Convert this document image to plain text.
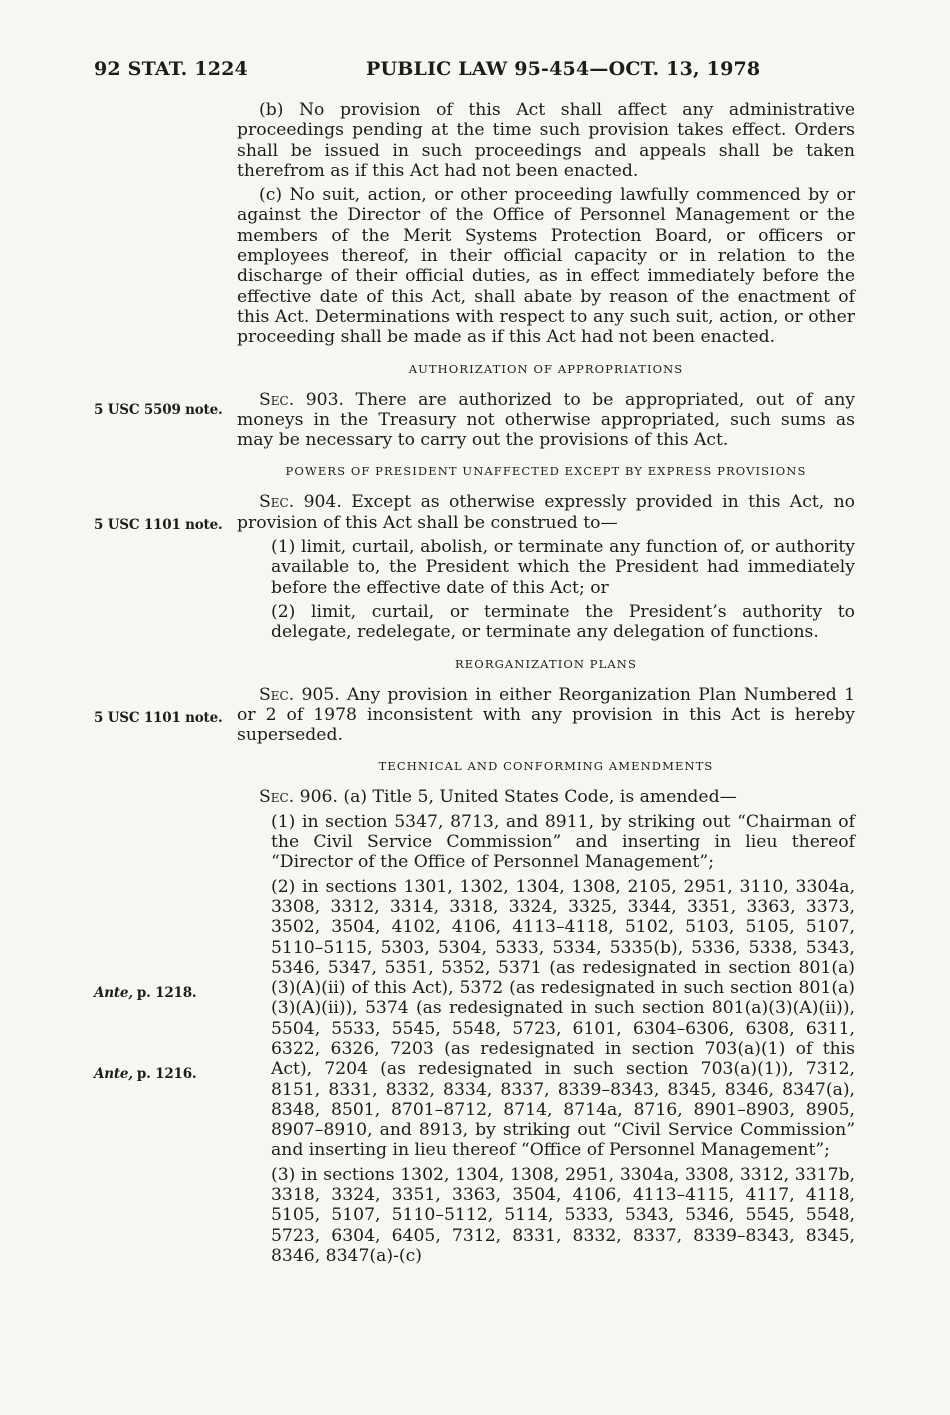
92 STAT. 1224	PUBLIC LAW 95-454—OCT. 13, 1978
5 USC 5509 note.
5 USC 1101 note.
5 USC 1101 note.
Ante, p. 1218.
Ante, p. 1216.

(b) No provision of this Act shall affect any administrative proceedings pending at the time such provision takes effect. Orders shall be issued in such proceedings and appeals shall be taken therefrom as if this Act had not been enacted.

(c) No suit, action, or other proceeding lawfully commenced by or against the Director of the Office of Personnel Management or the members of the Merit Systems Protection Board, or officers or employees thereof, in their official capacity or in relation to the discharge of their official duties, as in effect immediately before the effective date of this Act, shall abate by reason of the enactment of this Act. Determinations with respect to any such suit, action, or other proceeding shall be made as if this Act had not been enacted.

AUTHORIZATION OF APPROPRIATIONS

Sec. 903. There are authorized to be appropriated, out of any moneys in the Treasury not otherwise appropriated, such sums as may be necessary to carry out the provisions of this Act.

POWERS OF PRESIDENT UNAFFECTED EXCEPT BY EXPRESS PROVISIONS

Sec. 904. Except as otherwise expressly provided in this Act, no provision of this Act shall be construed to—

(1) limit, curtail, abolish, or terminate any function of, or authority available to, the President which the President had immediately before the effective date of this Act; or

(2) limit, curtail, or terminate the President’s authority to delegate, redelegate, or terminate any delegation of functions.

REORGANIZATION PLANS

Sec. 905. Any provision in either Reorganization Plan Numbered 1 or 2 of 1978 inconsistent with any provision in this Act is hereby superseded.

TECHNICAL AND CONFORMING AMENDMENTS

Sec. 906. (a) Title 5, United States Code, is amended—

(1) in section 5347, 8713, and 8911, by striking out “Chairman of the Civil Service Commission” and inserting in lieu thereof “Director of the Office of Personnel Management”;

(2) in sections 1301, 1302, 1304, 1308, 2105, 2951, 3110, 3304a, 3308, 3312, 3314, 3318, 3324, 3325, 3344, 3351, 3363, 3373, 3502, 3504, 4102, 4106, 4113–4118, 5102, 5103, 5105, 5107, 5110–5115, 5303, 5304, 5333, 5334, 5335(b), 5336, 5338, 5343, 5346, 5347, 5351, 5352, 5371 (as redesignated in section 801(a)(3)(A)(ii) of this Act), 5372 (as redesignated in such section 801(a)(3)(A)(ii)), 5374 (as redesignated in such section 801(a)(3)(A)(ii)), 5504, 5533, 5545, 5548, 5723, 6101, 6304–6306, 6308, 6311, 6322, 6326, 7203 (as redesignated in section 703(a)(1) of this Act), 7204 (as redesignated in such section 703(a)(1)), 7312, 8151, 8331, 8332, 8334, 8337, 8339–8343, 8345, 8346, 8347(a), 8348, 8501, 8701–8712, 8714, 8714a, 8716, 8901–8903, 8905, 8907–8910, and 8913, by striking out “Civil Service Commission” and inserting in lieu thereof “Office of Personnel Management”;

(3) in sections 1302, 1304, 1308, 2951, 3304a, 3308, 3312, 3317b, 3318, 3324, 3351, 3363, 3504, 4106, 4113–4115, 4117, 4118, 5105, 5107, 5110–5112, 5114, 5333, 5343, 5346, 5545, 5548, 5723, 6304, 6405, 7312, 8331, 8332, 8337, 8339–8343, 8345, 8346, 8347(a)-(c)
